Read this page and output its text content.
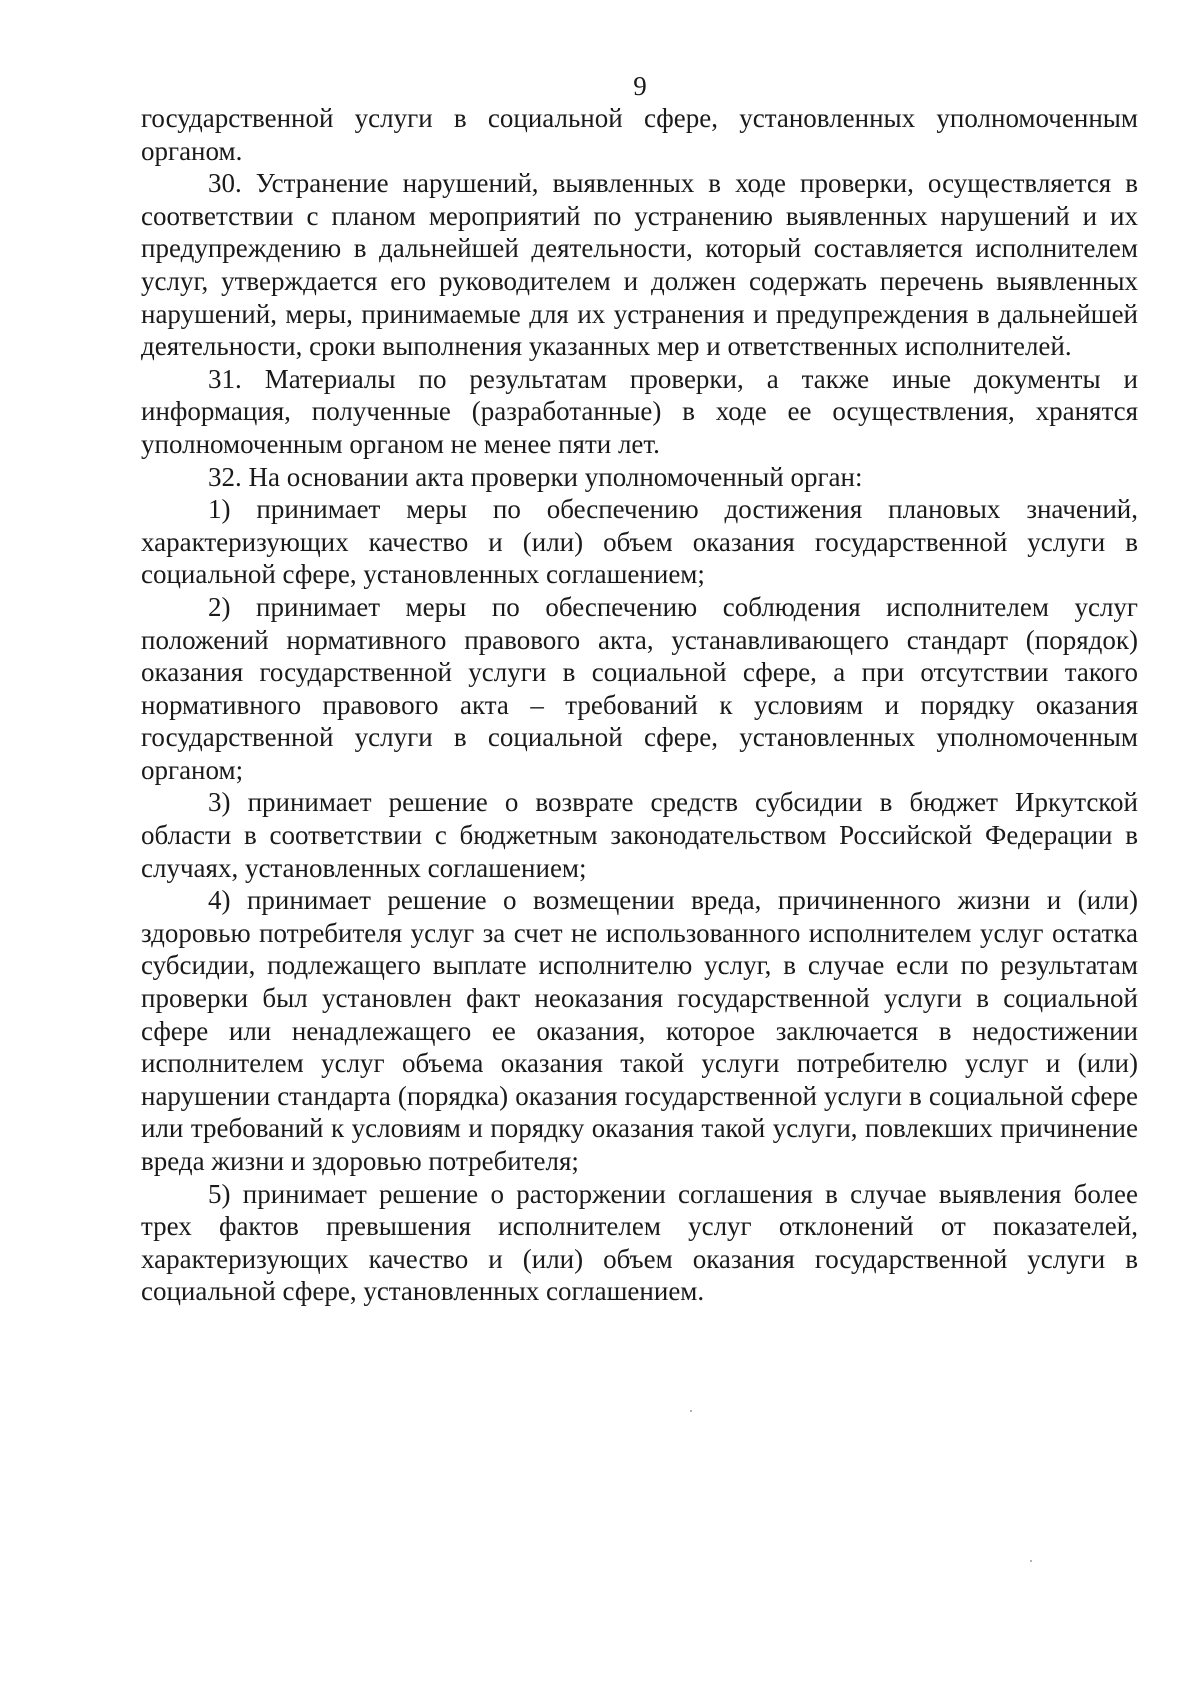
9

государственной услуги в социальной сфере, установленных уполномоченным органом.

30. Устранение нарушений, выявленных в ходе проверки, осуществляется в соответствии с планом мероприятий по устранению выявленных нарушений и их предупреждению в дальнейшей деятельности, который составляется исполнителем услуг, утверждается его руководителем и должен содержать перечень выявленных нарушений, меры, принимаемые для их устранения и предупреждения в дальнейшей деятельности, сроки выполнения указанных мер и ответственных исполнителей.

31. Материалы по результатам проверки, а также иные документы и информация, полученные (разработанные) в ходе ее осуществления, хранятся уполномоченным органом не менее пяти лет.

32. На основании акта проверки уполномоченный орган:

1) принимает меры по обеспечению достижения плановых значений, характеризующих качество и (или) объем оказания государственной услуги в социальной сфере, установленных соглашением;

2) принимает меры по обеспечению соблюдения исполнителем услуг положений нормативного правового акта, устанавливающего стандарт (порядок) оказания государственной услуги в социальной сфере, а при отсутствии такого нормативного правового акта – требований к условиям и порядку оказания государственной услуги в социальной сфере, установленных уполномоченным органом;

3) принимает решение о возврате средств субсидии в бюджет Иркутской области в соответствии с бюджетным законодательством Российской Федерации в случаях, установленных соглашением;

4) принимает решение о возмещении вреда, причиненного жизни и (или) здоровью потребителя услуг за счет не использованного исполнителем услуг остатка субсидии, подлежащего выплате исполнителю услуг, в случае если по результатам проверки был установлен факт неоказания государственной услуги в социальной сфере или ненадлежащего ее оказания, которое заключается в недостижении исполнителем услуг объема оказания такой услуги потребителю услуг и (или) нарушении стандарта (порядка) оказания государственной услуги в социальной сфере или требований к условиям и порядку оказания такой услуги, повлекших причинение вреда жизни и здоровью потребителя;

5) принимает решение о расторжении соглашения в случае выявления более трех фактов превышения исполнителем услуг отклонений от показателей, характеризующих качество и (или) объем оказания государственной услуги в социальной сфере, установленных соглашением.
